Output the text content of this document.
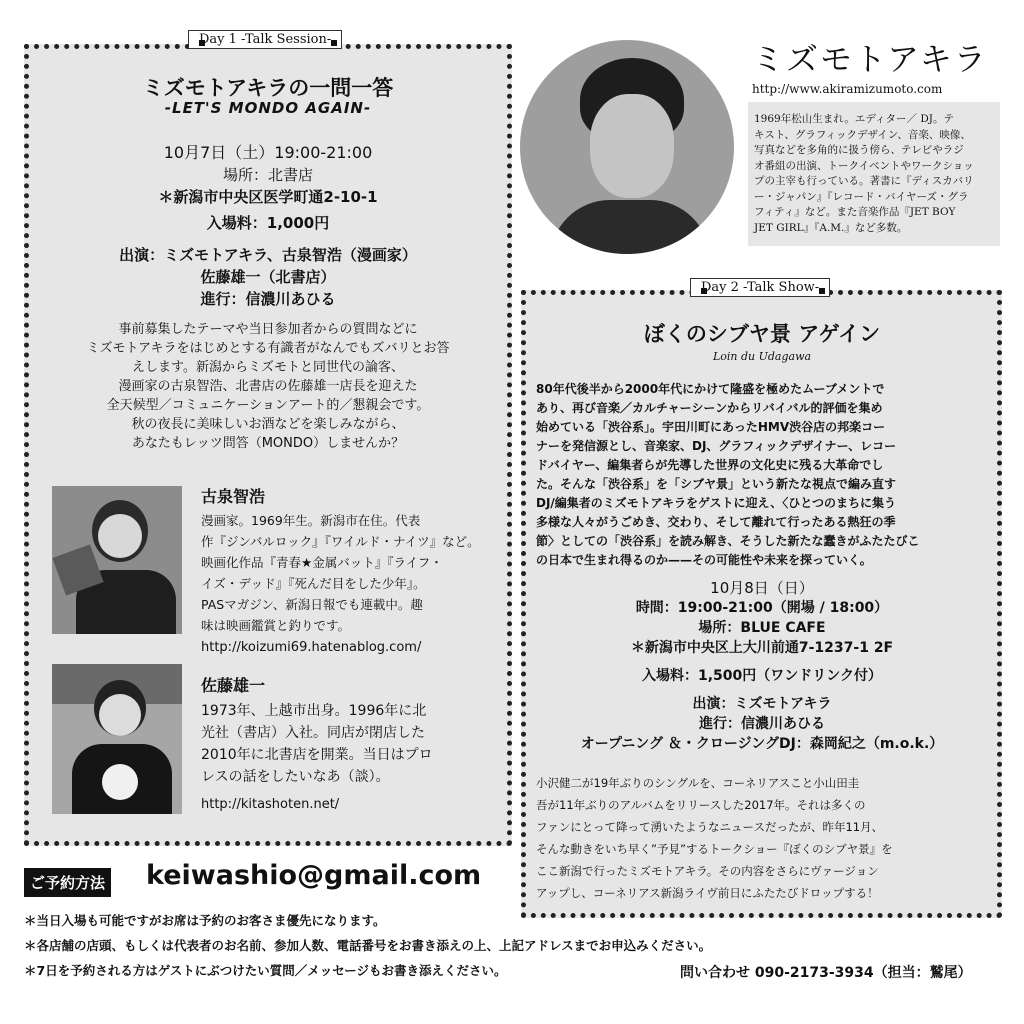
Day 1 -Talk Session-
ミズモトアキラの一問一答
-LET'S MONDO AGAIN-

10月7日（土）19:00-21:00

場所：北書店

＊新潟市中央区医学町通2-10-1

入場料：1,000円

出演：ミズモトアキラ、古泉智浩（漫画家）

佐藤雄一（北書店）

進行：信濃川あひる

事前募集したテーマや当日参加者からの質問などに

ミズモトアキラをはじめとする有識者がなんでもズバリとお答

えします。新潟からミズモトと同世代の論客、

漫画家の古泉智浩、北書店の佐藤雄一店長を迎えた

全天候型／コミュニケーションアート的／懇親会です。

秋の夜長に美味しいお酒などを楽しみながら、

あなたもレッツ問答（MONDO）しませんか？

古泉智浩

漫画家。1969年生。新潟市在住。代表

作『ジンバルロック』『ワイルド・ナイツ』など。

映画化作品『青春★金属バット』『ライフ・

イズ・デッド』『死んだ目をした少年』。

PASマガジン、新潟日報でも連載中。趣

味は映画鑑賞と釣りです。

http://koizumi69.hatenablog.com/
佐藤雄一

1973年、上越市出身。1996年に北

光社（書店）入社。同店が閉店した

2010年に北書店を開業。当日はプロ

レスの話をしたいなあ（談）。

http://kitashoten.net/
ミズモトアキラ
http://www.akiramizumoto.com

1969年松山生まれ。エディター／ DJ。テ

キスト、グラフィックデザイン、音楽、映像、

写真などを多角的に扱う傍ら、テレビやラジ

オ番組の出演、トークイベントやワークショッ

プの主宰も行っている。著書に『ディスカバリ

ー・ジャパン』『レコード・バイヤーズ・グラ

フィティ』など。また音楽作品『JET BOY

JET GIRL』『A.M.』など多数。

Day 2 -Talk Show-
ぼくのシブヤ景 アゲイン
Loin du Udagawa

80年代後半から2000年代にかけて隆盛を極めたムーブメントで

あり、再び音楽／カルチャーシーンからリバイバル的評価を集め

始めている「渋谷系」。宇田川町にあったHMV渋谷店の邦楽コー

ナーを発信源とし、音楽家、DJ、グラフィックデザイナー、レコー

ドバイヤー、編集者らが先導した世界の文化史に残る大革命でし

た。そんな「渋谷系」を「シブヤ景」という新たな視点で編み直す

DJ/編集者のミズモトアキラをゲストに迎え、〈ひとつのまちに集う

多様な人々がうごめき、交わり、そして離れて行ったある熱狂の季

節〉としての「渋谷系」を読み解き、そうした新たな蠢きがふたたびこ

の日本で生まれ得るのか——その可能性や未来を探っていく。

10月8日（日）

時間：19:00-21:00（開場 / 18:00）

場所：BLUE CAFE

＊新潟市中央区上大川前通7-1237-1 2F

入場料：1,500円（ワンドリンク付）

出演：ミズモトアキラ

進行：信濃川あひる

オープニング ＆・クロージングDJ：森岡紀之（m.o.k.）

小沢健二が19年ぶりのシングルを、コーネリアスこと小山田圭

吾が11年ぶりのアルバムをリリースした2017年。それは多くの

ファンにとって降って湧いたようなニュースだったが、昨年11月、

そんな動きをいち早く”予見”するトークショー『ぼくのシブヤ景』を

ここ新潟で行ったミズモトアキラ。その内容をさらにヴァージョン

アップし、コーネリアス新潟ライヴ前日にふたたびドロップする！

ご予約方法 keiwashio@gmail.com

＊当日入場も可能ですがお席は予約のお客さま優先になります。

＊各店舗の店頭、もしくは代表者のお名前、参加人数、電話番号をお書き添えの上、上記アドレスまでお申込みください。

＊7日を予約される方はゲストにぶつけたい質問／メッセージもお書き添えください。	問い合わせ 090-2173-3934（担当：鷲尾）
